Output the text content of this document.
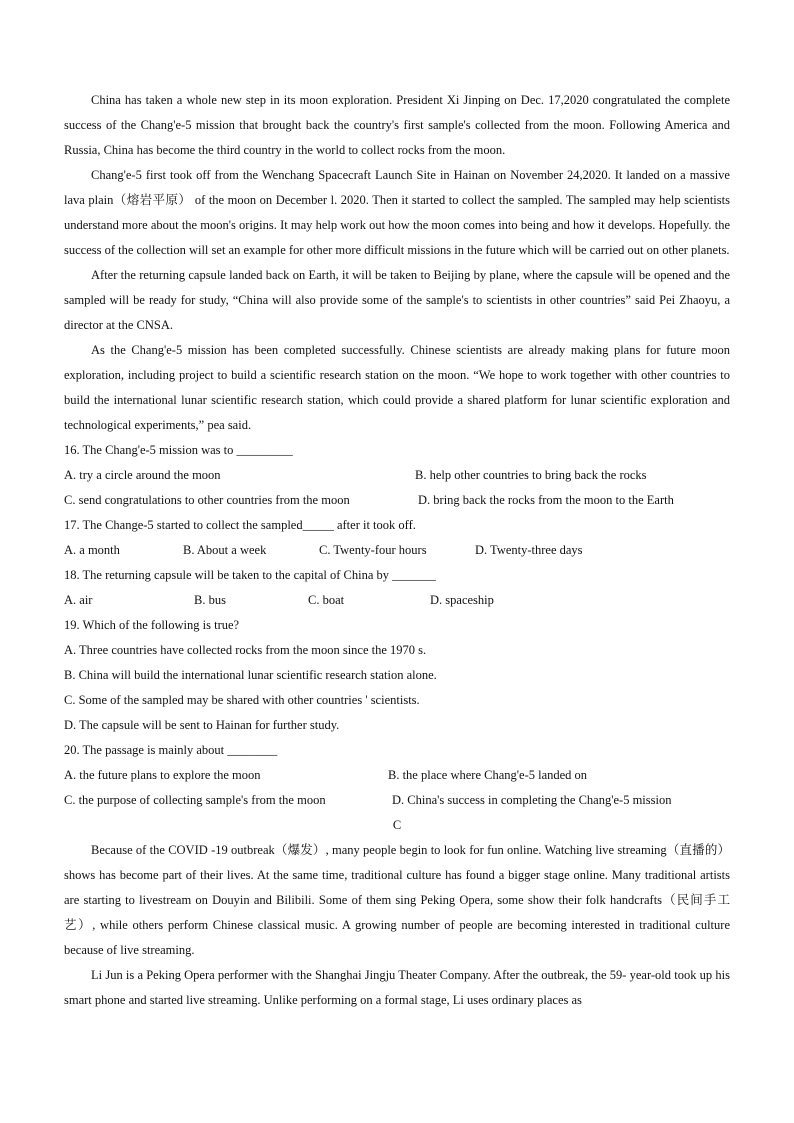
China has taken a whole new step in its moon exploration. President Xi Jinping on Dec. 17,2020 congratulated the complete success of the Chang'e-5 mission that brought back the country's first sample's collected from the moon. Following America and Russia, China has become the third country in the world to collect rocks from the moon.

Chang'e-5 first took off from the Wenchang Spacecraft Launch Site in Hainan on November 24,2020. It landed on a massive lava plain（熔岩平原） of the moon on December l. 2020. Then it started to collect the sampled. The sampled may help scientists understand more about the moon's origins. It may help work out how the moon comes into being and how it develops. Hopefully. the success of the collection will set an example for other more difficult missions in the future which will be carried out on other planets.

After the returning capsule landed back on Earth, it will be taken to Beijing by plane, where the capsule will be opened and the sampled will be ready for study, “China will also provide some of the sample's to scientists in other countries” said Pei Zhaoyu, a director at the CNSA.

As the Chang'e-5 mission has been completed successfully. Chinese scientists are already making plans for future moon exploration, including project to build a scientific research station on the moon. “We hope to work together with other countries to build the international lunar scientific research station, which could provide a shared platform for lunar scientific exploration and technological experiments,” pea said.

16. The Chang'e-5 mission was to _________

A. try a circle around the moon	B. help other countries to bring back the rocks
C. send congratulations to other countries from the moon	D. bring back the rocks from the moon to the Earth

17. The Change-5 started to collect the sampled_____ after it took off.

A. a month	B. About a week	C. Twenty-four hours	D. Twenty-three days

18. The returning capsule will be taken to the capital of China by _______

A. air	B. bus	C. boat	D. spaceship

19. Which of the following is true?

A. Three countries have collected rocks from the moon since the 1970 s.

B. China will build the international lunar scientific research station alone.

C. Some of the sampled may be shared with other countries ' scientists.

D. The capsule will be sent to Hainan for further study.

20. The passage is mainly about ________

A. the future plans to explore the moon	B. the place where Chang'e-5 landed on
C. the purpose of collecting sample's from the moon	D. China's success in completing the Chang'e-5 mission

C

Because of the COVID -19 outbreak（爆发）, many people begin to look for fun online. Watching live streaming（直播的） shows has become part of their lives. At the same time, traditional culture has found a bigger stage online. Many traditional artists are starting to livestream on Douyin and Bilibili. Some of them sing Peking Opera, some show their folk handcrafts（民间手工艺）, while others perform Chinese classical music. A growing number of people are becoming interested in traditional culture because of live streaming.

Li Jun is a Peking Opera performer with the Shanghai Jingju Theater Company. After the outbreak, the 59- year-old took up his smart phone and started live streaming. Unlike performing on a formal stage, Li uses ordinary places as
